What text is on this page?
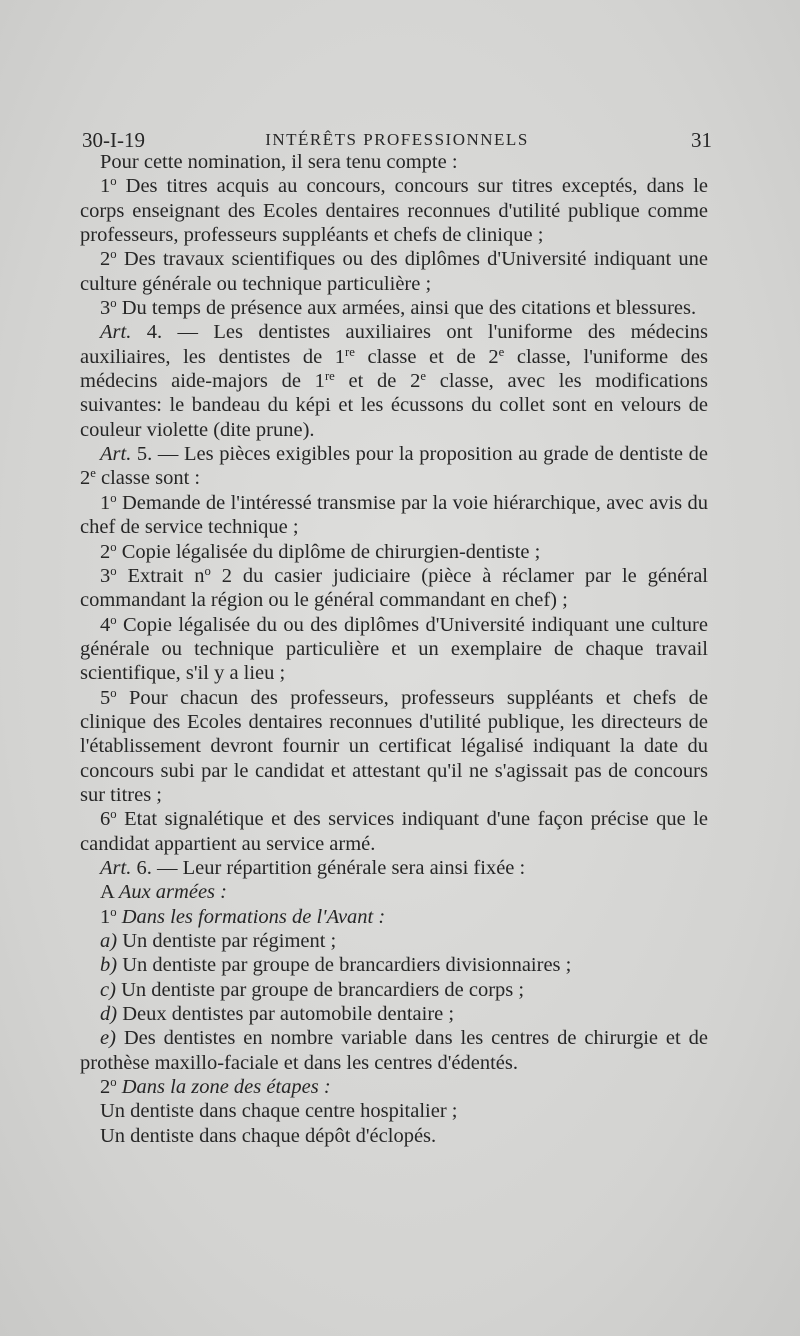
30-I-19	INTÉRÊTS PROFESSIONNELS	31

Pour cette nomination, il sera tenu compte :

1$^o$ Des titres acquis au concours, concours sur titres exceptés, dans le corps enseignant des Ecoles dentaires reconnues d'utilité publique comme professeurs, professeurs suppléants et chefs de clinique ;

2$^o$ Des travaux scientifiques ou des diplômes d'Université indiquant une culture générale ou technique particulière ;

3$^o$ Du temps de présence aux armées, ainsi que des citations et blessures.

Art. 4. — Les dentistes auxiliaires ont l'uniforme des médecins auxiliaires, les dentistes de 1re classe et de 2e classe, l'uniforme des médecins aide-majors de 1re et de 2e classe, avec les modifications suivantes: le bandeau du képi et les écussons du collet sont en velours de couleur violette (dite prune).

Art. 5. — Les pièces exigibles pour la proposition au grade de dentiste de 2e classe sont :

1$^o$ Demande de l'intéressé transmise par la voie hiérarchique, avec avis du chef de service technique ;

2$^o$ Copie légalisée du diplôme de chirurgien-dentiste ;

3$^o$ Extrait $n^o$ 2 du casier judiciaire (pièce à réclamer par le général commandant la région ou le général commandant en chef) ;

4$^o$ Copie légalisée du ou des diplômes d'Université indiquant une culture générale ou technique particulière et un exemplaire de chaque travail scientifique, s'il y a lieu ;

5$^o$ Pour chacun des professeurs, professeurs suppléants et chefs de clinique des Ecoles dentaires reconnues d'utilité publique, les directeurs de l'établissement devront fournir un certificat légalisé indiquant la date du concours subi par le candidat et attestant qu'il ne s'agissait pas de concours sur titres ;

6$^o$ Etat signalétique et des services indiquant d'une façon précise que le candidat appartient au service armé.

Art. 6. — Leur répartition générale sera ainsi fixée :

A Aux armées :

1$^o$ Dans les formations de l'Avant :

a) Un dentiste par régiment ;

b) Un dentiste par groupe de brancardiers divisionnaires ;

c) Un dentiste par groupe de brancardiers de corps ;

d) Deux dentistes par automobile dentaire ;

e) Des dentistes en nombre variable dans les centres de chirurgie et de prothèse maxillo-faciale et dans les centres d'édentés.

2$^o$ Dans la zone des étapes :

Un dentiste dans chaque centre hospitalier ;

Un dentiste dans chaque dépôt d'éclopés.
